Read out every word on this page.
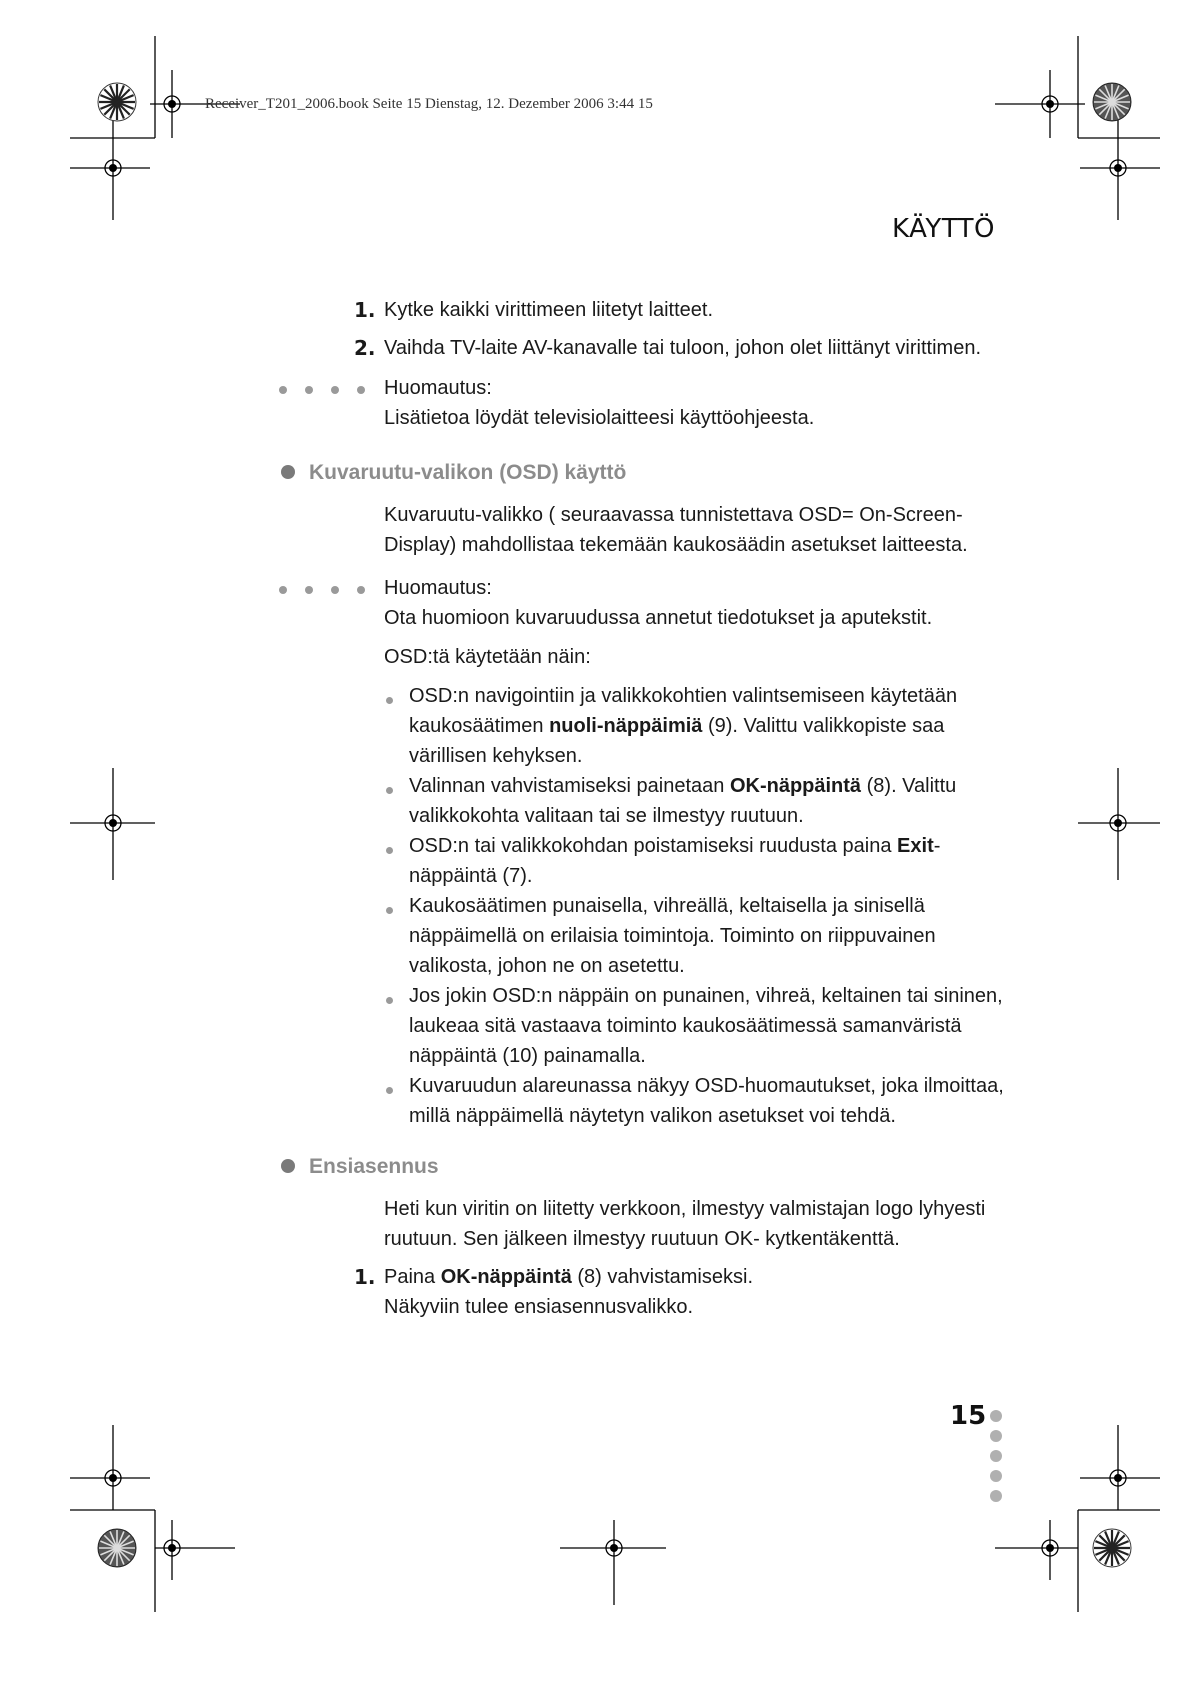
Receiver_T201_2006.book Seite 15 Dienstag, 12. Dezember 2006 3:44 15
KÄYTTÖ
1. Kytke kaikki virittimeen liitetyt laitteet.
2. Vaihda TV-laite AV-kanavalle tai tuloon, johon olet liittänyt virittimen.
Huomautus:
Lisätietoa löydät televisiolaitteesi käyttöohjeesta.
Kuvaruutu-valikon (OSD) käyttö
Kuvaruutu-valikko ( seuraavassa tunnistettava OSD= On-Screen-
Display) mahdollistaa tekemään kaukosäädin asetukset laitteesta.
Huomautus:
Ota huomioon kuvaruudussa annetut tiedotukset ja aputekstit.
OSD:tä käytetään näin:
OSD:n navigointiin ja valikkokohtien valintsemiseen käytetään
kaukosäätimen nuoli-näppäimiä (9). Valittu valikkopiste saa
värillisen kehyksen.
Valinnan vahvistamiseksi painetaan OK-näppäintä (8). Valittu
valikkokohta valitaan tai se ilmestyy ruutuun.
OSD:n tai valikkokohdan poistamiseksi ruudusta paina Exit-
näppäintä (7).
Kaukosäätimen punaisella, vihreällä, keltaisella ja sinisellä
näppäimellä on erilaisia toimintoja. Toiminto on riippuvainen
valikosta, johon ne on asetettu.
Jos jokin OSD:n näppäin on punainen, vihreä, keltainen tai sininen,
laukeaa sitä vastaava toiminto kaukosäätimessä samanväristä
näppäintä (10) painamalla.
Kuvaruudun alareunassa näkyy OSD-huomautukset, joka ilmoittaa,
millä näppäimellä näytetyn valikon asetukset voi tehdä.
Ensiasennus
Heti kun viritin on liitetty verkkoon, ilmestyy valmistajan logo lyhyesti
ruutuun. Sen jälkeen ilmestyy ruutuun OK- kytkentäkenttä.
1. Paina OK-näppäintä (8) vahvistamiseksi.
Näkyviin tulee ensiasennusvalikko.
15
